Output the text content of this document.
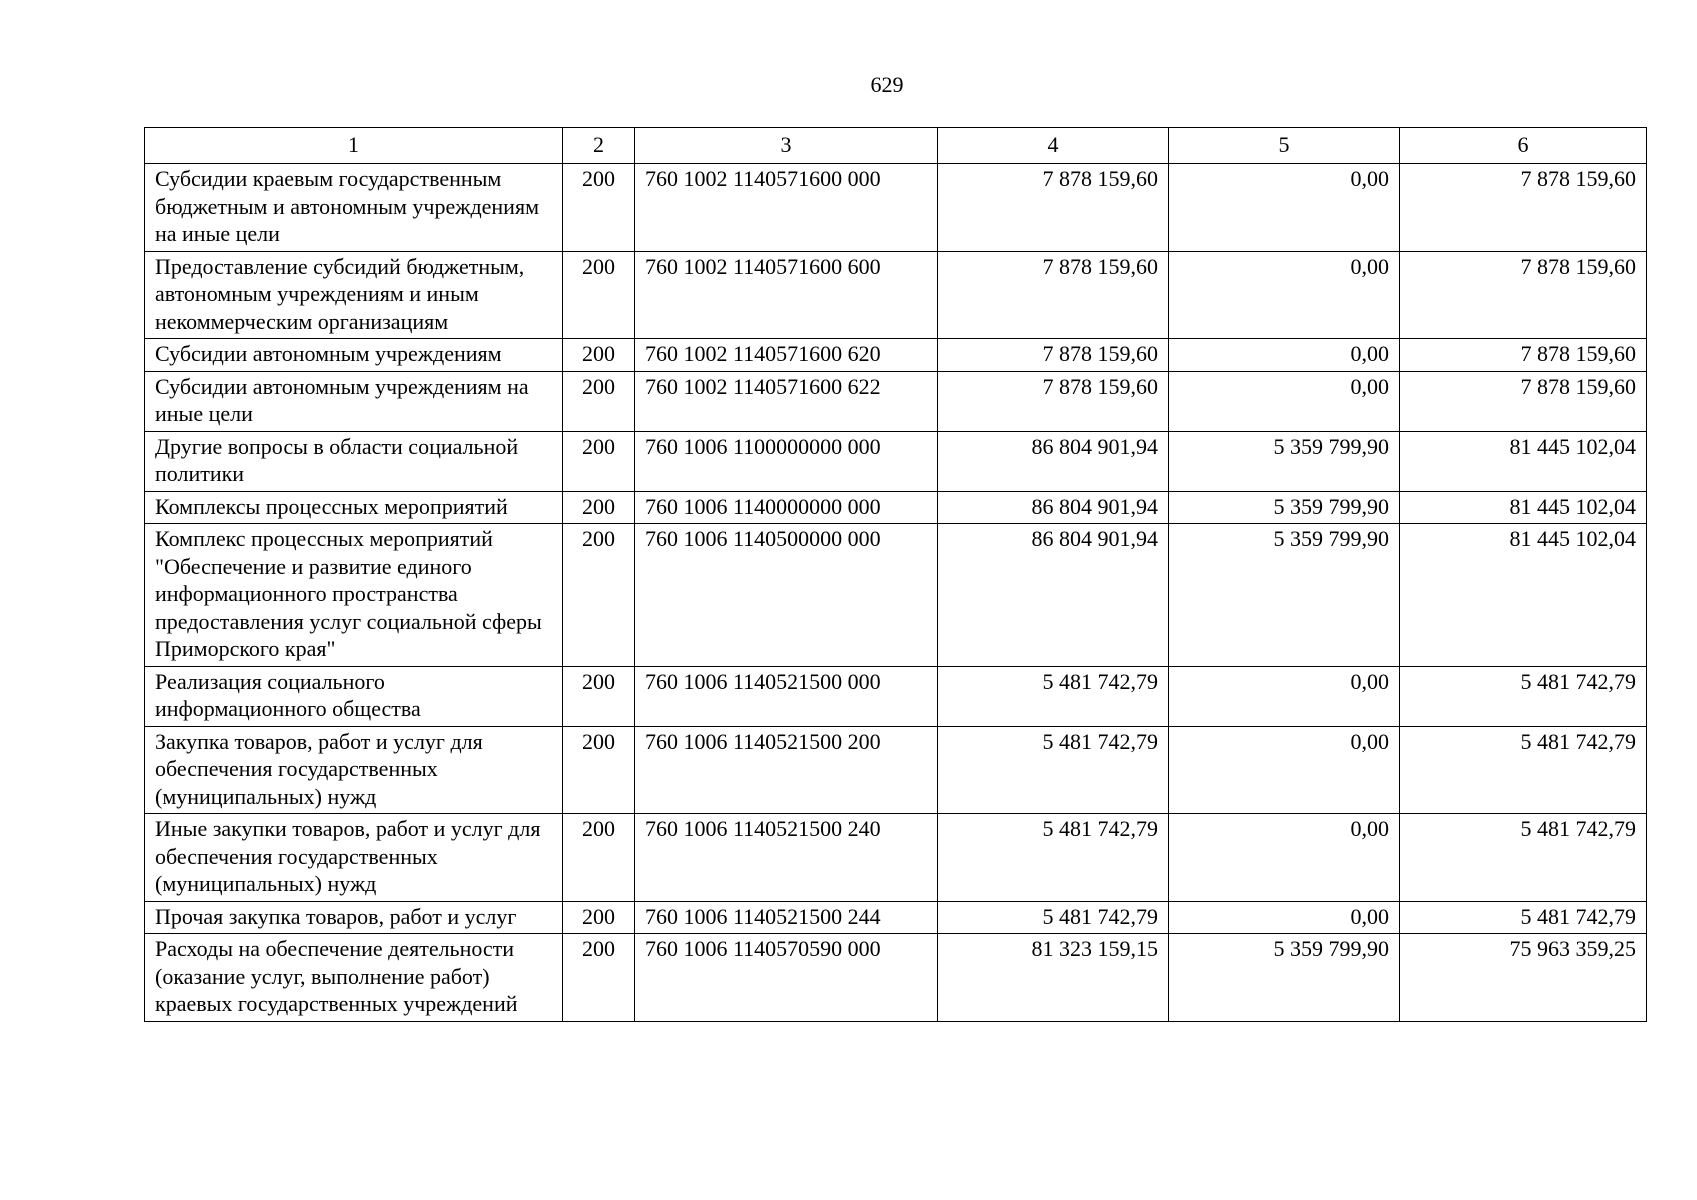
629
1	2	3	4	5	6
Субсидии краевым государственным бюджетным и автономным учреждениям на иные цели	200	760 1002 1140571600 000	7 878 159,60	0,00	7 878 159,60
Предоставление субсидий бюджетным, автономным учреждениям и иным некоммерческим организациям	200	760 1002 1140571600 600	7 878 159,60	0,00	7 878 159,60
Субсидии автономным учреждениям	200	760 1002 1140571600 620	7 878 159,60	0,00	7 878 159,60
Субсидии автономным учреждениям на иные цели	200	760 1002 1140571600 622	7 878 159,60	0,00	7 878 159,60
Другие вопросы в области социальной политики	200	760 1006 1100000000 000	86 804 901,94	5 359 799,90	81 445 102,04
Комплексы процессных мероприятий	200	760 1006 1140000000 000	86 804 901,94	5 359 799,90	81 445 102,04
Комплекс процессных мероприятий "Обеспечение и развитие единого информационного пространства предоставления услуг социальной сферы Приморского края"	200	760 1006 1140500000 000	86 804 901,94	5 359 799,90	81 445 102,04
Реализация социального информационного общества	200	760 1006 1140521500 000	5 481 742,79	0,00	5 481 742,79
Закупка товаров, работ и услуг для обеспечения государственных (муниципальных) нужд	200	760 1006 1140521500 200	5 481 742,79	0,00	5 481 742,79
Иные закупки товаров, работ и услуг для обеспечения государственных (муниципальных) нужд	200	760 1006 1140521500 240	5 481 742,79	0,00	5 481 742,79
Прочая закупка товаров, работ и услуг	200	760 1006 1140521500 244	5 481 742,79	0,00	5 481 742,79
Расходы на обеспечение деятельности (оказание услуг, выполнение работ) краевых государственных учреждений	200	760 1006 1140570590 000	81 323 159,15	5 359 799,90	75 963 359,25
